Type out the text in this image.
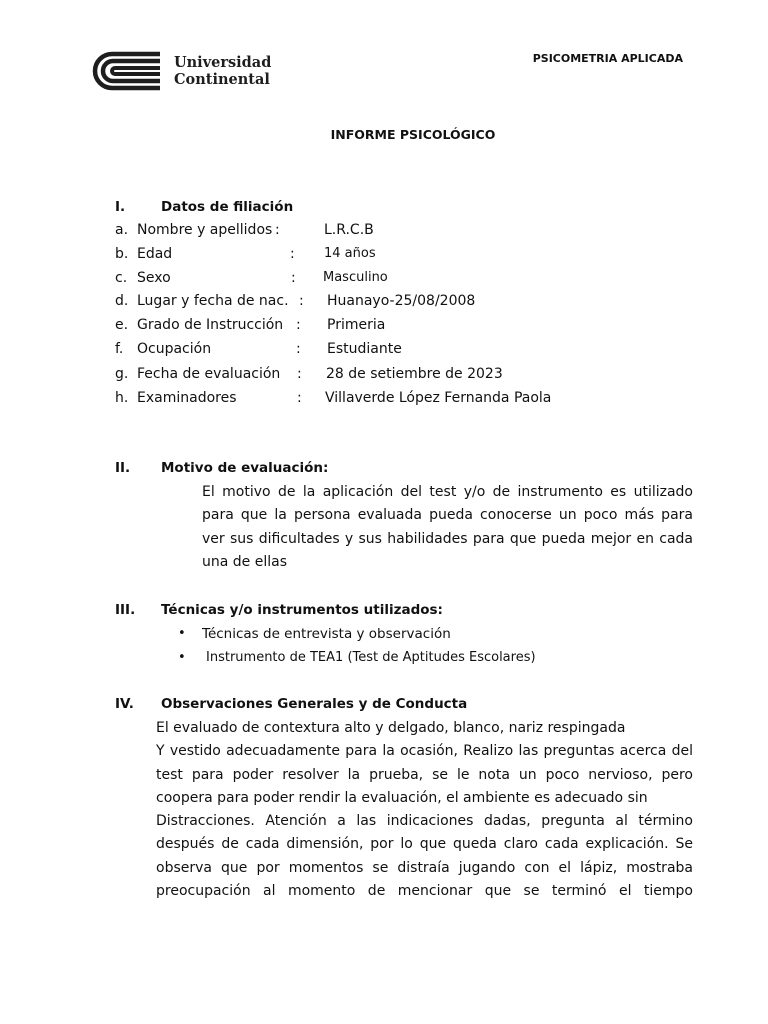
Universidad
Continental
PSICOMETRIA APLICADA
INFORME PSICOLÓGICO
I.	Datos de filiación
a. Nombre y apellidos :	L.R.C.B
b. Edad	: 14 años
c. Sexo	: Masculino
d. Lugar y fecha de nac. : Huanayo-25/08/2008
e. Grado de Instrucción : Primeria
f. Ocupación	: Estudiante
g. Fecha de evaluación : 28 de setiembre de 2023
h. Examinadores	: Villaverde López Fernanda Paola
II. Motivo de evaluación:
El motivo de la aplicación del test y/o de instrumento es utilizado
para que la persona evaluada pueda conocerse un poco más para
ver sus dificultades y sus habilidades para que pueda mejor en cada
una de ellas
III. Técnicas y/o instrumentos utilizados:
• Técnicas de entrevista y observación
• Instrumento de TEA1 (Test de Aptitudes Escolares)
IV. Observaciones Generales y de Conducta
El evaluado de contextura alto y delgado, blanco, nariz respingada
Y vestido adecuadamente para la ocasión, Realizo las preguntas acerca del
test para poder resolver la prueba, se le nota un poco nervioso, pero
coopera para poder rendir la evaluación, el ambiente es adecuado sin
Distracciones. Atención a las indicaciones dadas, pregunta al término
después de cada dimensión, por lo que queda claro cada explicación. Se
observa que por momentos se distraía jugando con el lápiz, mostraba
preocupación al momento de mencionar que se terminó el tiempo
